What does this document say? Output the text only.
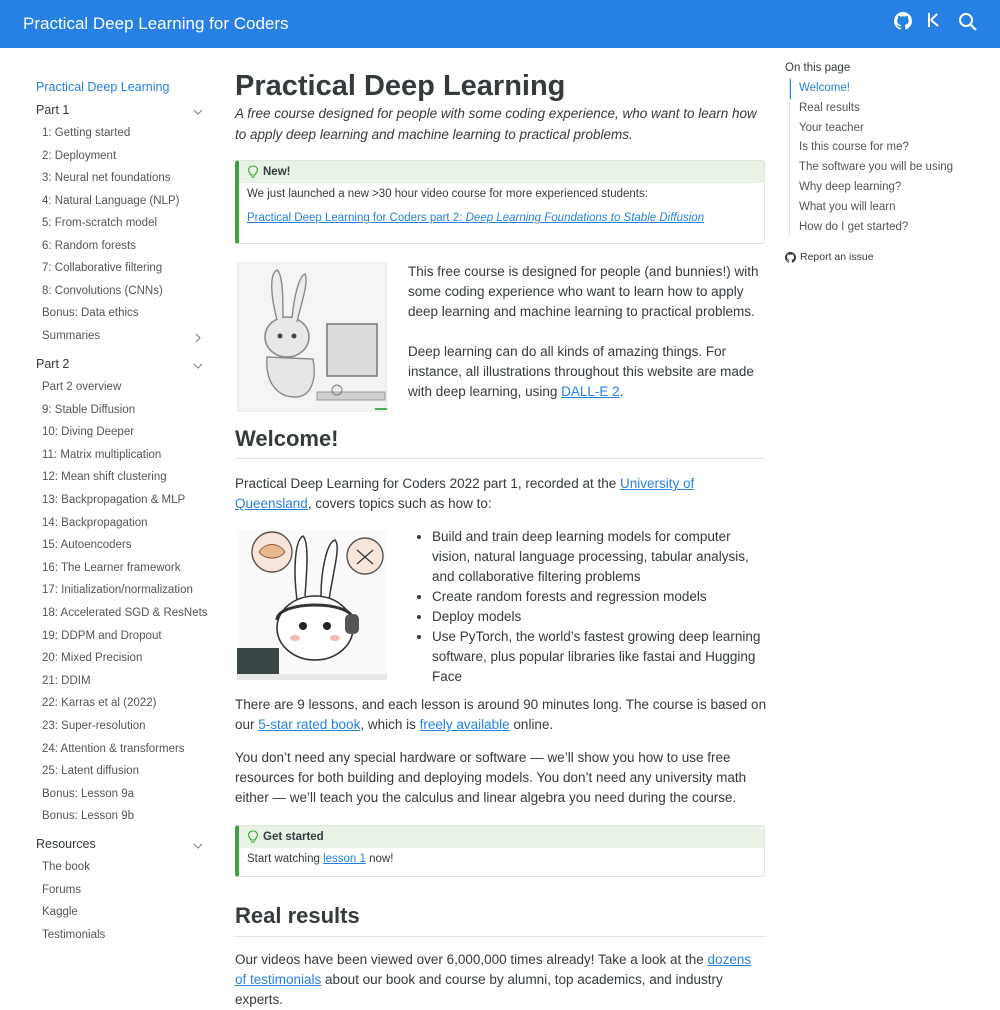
Practical Deep Learning for Coders
Practical Deep Learning
Part 1
1: Getting started
2: Deployment
3: Neural net foundations
4: Natural Language (NLP)
5: From-scratch model
6: Random forests
7: Collaborative filtering
8: Convolutions (CNNs)
Bonus: Data ethics
Summaries
Part 2
Part 2 overview
9: Stable Diffusion
10: Diving Deeper
11: Matrix multiplication
12: Mean shift clustering
13: Backpropagation & MLP
14: Backpropagation
15: Autoencoders
16: The Learner framework
17: Initialization/normalization
18: Accelerated SGD & ResNets
19: DDPM and Dropout
20: Mixed Precision
21: DDIM
22: Karras et al (2022)
23: Super-resolution
24: Attention & transformers
25: Latent diffusion
Bonus: Lesson 9a
Bonus: Lesson 9b
Resources
The book
Forums
Kaggle
Testimonials
Practical Deep Learning
A free course designed for people with some coding experience, who want to learn how to apply deep learning and machine learning to practical problems.
New!
We just launched a new >30 hour video course for more experienced students:
Practical Deep Learning for Coders part 2: Deep Learning Foundations to Stable Diffusion
This free course is designed for people (and bunnies!) with some coding experience who want to learn how to apply deep learning and machine learning to practical problems.
Deep learning can do all kinds of amazing things. For instance, all illustrations throughout this website are made with deep learning, using DALL-E 2.
Welcome!
Practical Deep Learning for Coders 2022 part 1, recorded at the University of Queensland, covers topics such as how to:
• Build and train deep learning models for computer vision, natural language processing, tabular analysis, and collaborative filtering problems
• Create random forests and regression models
• Deploy models
• Use PyTorch, the world’s fastest growing deep learning software, plus popular libraries like fastai and Hugging Face
There are 9 lessons, and each lesson is around 90 minutes long. The course is based on our 5-star rated book, which is freely available online.
You don’t need any special hardware or software — we’ll show you how to use free resources for both building and deploying models. You don’t need any university math either — we’ll teach you the calculus and linear algebra you need during the course.
Get started
Start watching lesson 1 now!
Real results
Our videos have been viewed over 6,000,000 times already! Take a look at the dozens of testimonials about our book and course by alumni, top academics, and industry experts.
On this page
Welcome!
Real results
Your teacher
Is this course for me?
The software you will be using
Why deep learning?
What you will learn
How do I get started?
Report an issue
